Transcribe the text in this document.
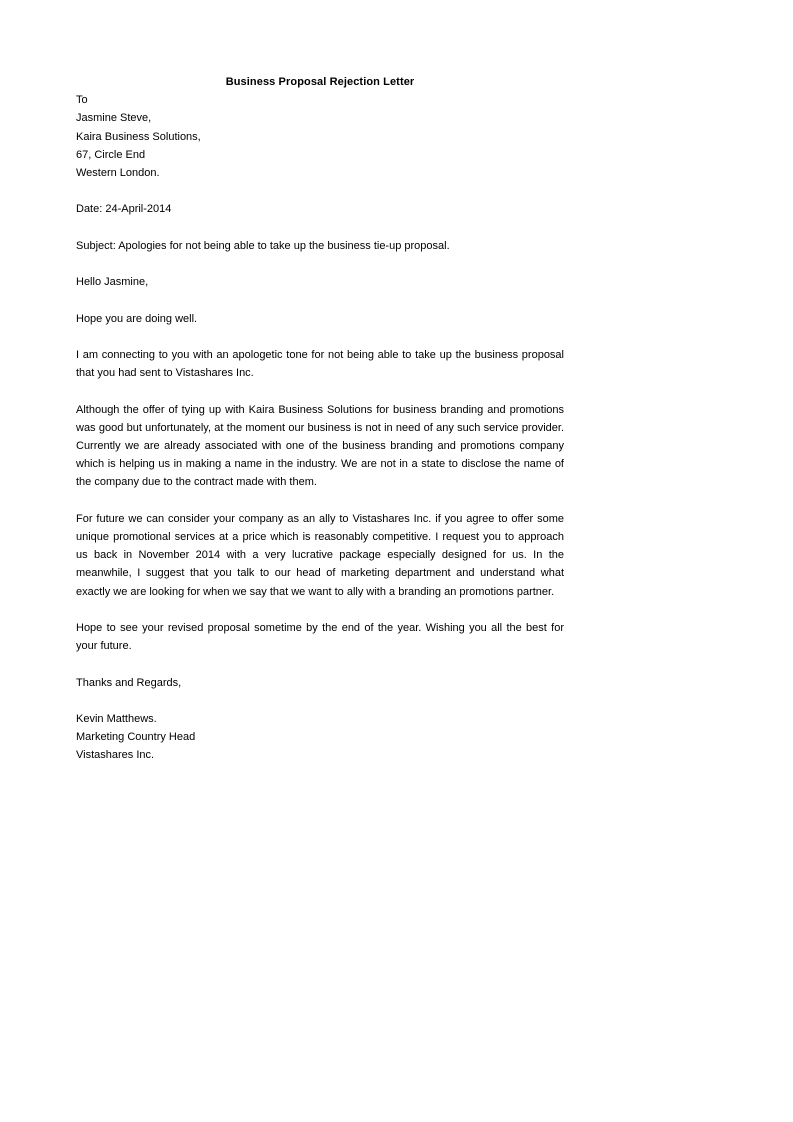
Business Proposal Rejection Letter
To
Jasmine Steve,
Kaira Business Solutions,
67, Circle End
Western London.
Date: 24-April-2014
Subject: Apologies for not being able to take up the business tie-up proposal.
Hello Jasmine,

Hope you are doing well.

I am connecting to you with an apologetic tone for not being able to take up the business proposal that you had sent to Vistashares Inc.

Although the offer of tying up with Kaira Business Solutions for business branding and promotions was good but unfortunately, at the moment our business is not in need of any such service provider. Currently we are already associated with one of the business branding and promotions company which is helping us in making a name in the industry. We are not in a state to disclose the name of the company due to the contract made with them.

For future we can consider your company as an ally to Vistashares Inc. if you agree to offer some unique promotional services at a price which is reasonably competitive. I request you to approach us back in November 2014 with a very lucrative package especially designed for us. In the meanwhile, I suggest that you talk to our head of marketing department and understand what exactly we are looking for when we say that we want to ally with a branding an promotions partner.

Hope to see your revised proposal sometime by the end of the year. Wishing you all the best for your future.

Thanks and Regards,
Kevin Matthews.
Marketing Country Head
Vistashares Inc.
